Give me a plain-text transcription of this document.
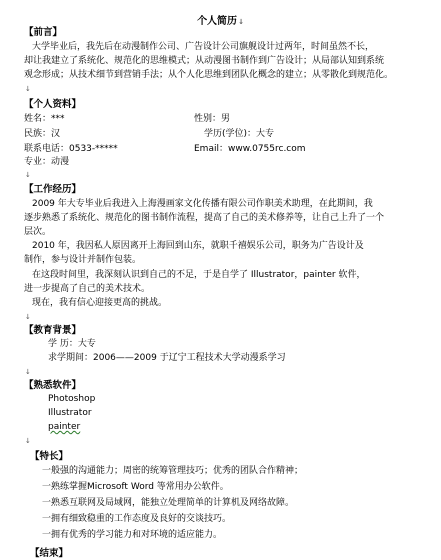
个人简历↓
【前言】
大学毕业后，我先后在动漫制作公司、广告设计公司旗舰设计过两年，时间虽然不长，
却让我建立了系统化、规范化的思维模式；从动漫图书制作到广告设计；从局部认知到系统
观念形成；从技术细节到营销手法；从个人化思维到团队化概念的建立；从零散化到规范化。
↓
【个人资料】
姓名：***	性别：男
民族：汉	学历(学位)：大专
联系电话：0533-*****	Email：www.0755rc.com
专业：动漫
↓
【工作经历】
2009 年大专毕业后我进入上海漫画家文化传播有限公司作职美术助理，在此期间，我
逐步熟悉了系统化、规范化的图书制作流程，提高了自己的美术修养等，让自己上升了一个
层次。
2010 年，我因私人原因离开上海回到山东，就职千禧娱乐公司，职务为广告设计及
制作，参与设计并制作包装。
在这段时间里，我深刻认识到自己的不足，于是自学了 Illustrator，painter 软件，
进一步提高了自己的美术技术。
现在，我有信心迎接更高的挑战。
↓
【教育背景】
学 历：大专
求学期间：2006——2009 于辽宁工程技术大学动漫系学习
↓
【熟悉软件】
Photoshop
Illustrator
painter
↓
【特长】
一般强的沟通能力；周密的统筹管理技巧；优秀的团队合作精神；
一熟练掌握Microsoft Word 等常用办公软件。
一熟悉互联网及局域网，能独立处理简单的计算机及网络故障。
一拥有细致稳重的工作态度及良好的交谈技巧。
一拥有优秀的学习能力和对环境的适应能力。
【结束】
